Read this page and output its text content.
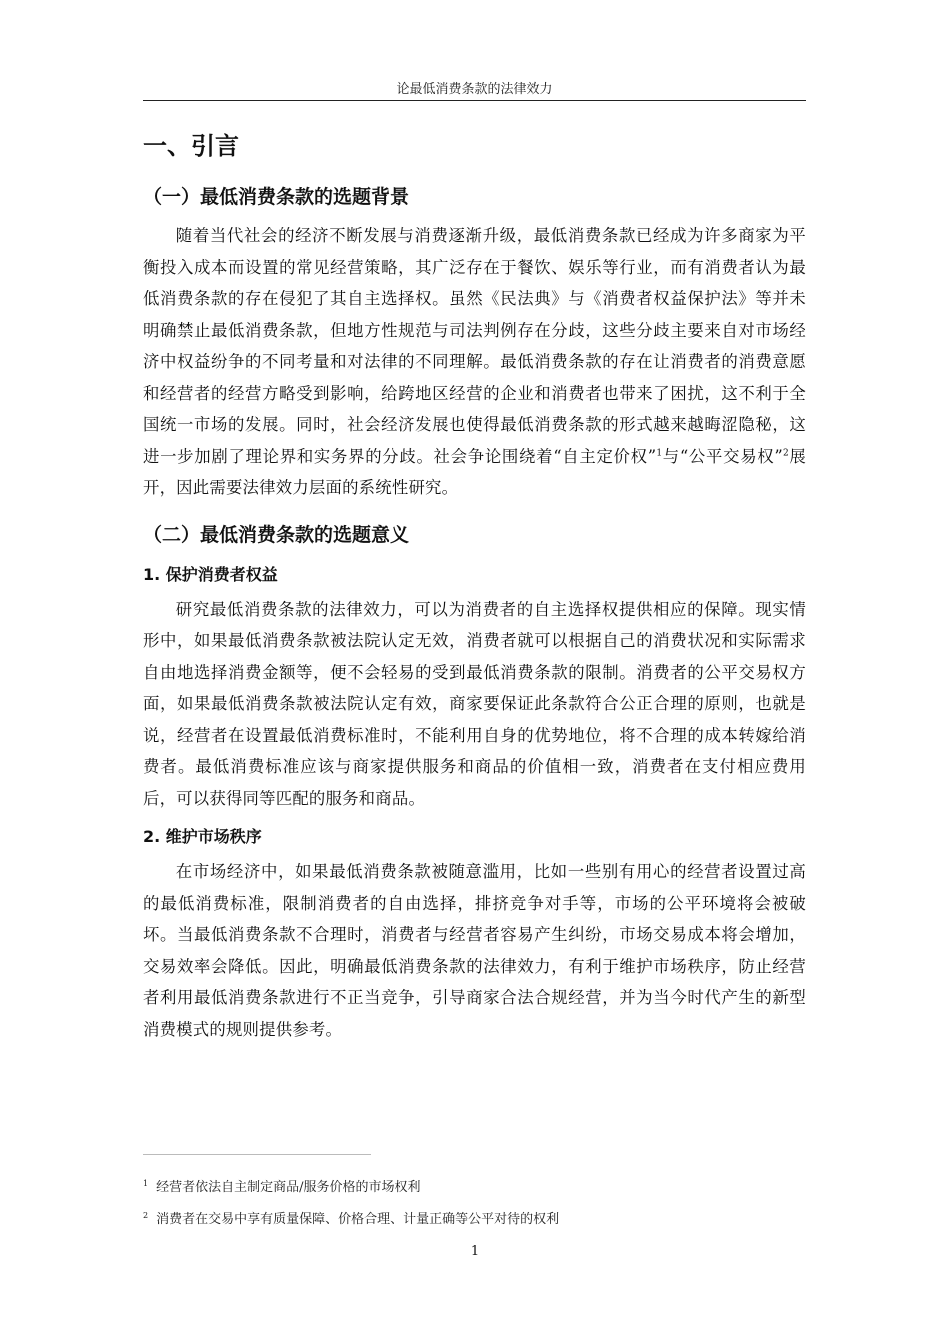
论最低消费条款的法律效力
一、引言
（一）最低消费条款的选题背景

随着当代社会的经济不断发展与消费逐渐升级，最低消费条款已经成为许多商家为平衡投入成本而设置的常见经营策略，其广泛存在于餐饮、娱乐等行业，而有消费者认为最低消费条款的存在侵犯了其自主选择权。虽然《民法典》与《消费者权益保护法》等并未明确禁止最低消费条款，但地方性规范与司法判例存在分歧，这些分歧主要来自对市场经济中权益纷争的不同考量和对法律的不同理解。最低消费条款的存在让消费者的消费意愿和经营者的经营方略受到影响，给跨地区经营的企业和消费者也带来了困扰，这不利于全国统一市场的发展。同时，社会经济发展也使得最低消费条款的形式越来越晦涩隐秘，这进一步加剧了理论界和实务界的分歧。社会争论围绕着“自主定价权”$^1$与“公平交易权”$^2$展开，因此需要法律效力层面的系统性研究。

（二）最低消费条款的选题意义
1. 保护消费者权益

研究最低消费条款的法律效力，可以为消费者的自主选择权提供相应的保障。现实情形中，如果最低消费条款被法院认定无效，消费者就可以根据自己的消费状况和实际需求自由地选择消费金额等，便不会轻易的受到最低消费条款的限制。消费者的公平交易权方面，如果最低消费条款被法院认定有效，商家要保证此条款符合公正合理的原则，也就是说，经营者在设置最低消费标准时，不能利用自身的优势地位，将不合理的成本转嫁给消费者。最低消费标准应该与商家提供服务和商品的价值相一致，消费者在支付相应费用后，可以获得同等匹配的服务和商品。

2. 维护市场秩序

在市场经济中，如果最低消费条款被随意滥用，比如一些别有用心的经营者设置过高的最低消费标准，限制消费者的自由选择，排挤竞争对手等，市场的公平环境将会被破坏。当最低消费条款不合理时，消费者与经营者容易产生纠纷，市场交易成本将会增加，交易效率会降低。因此，明确最低消费条款的法律效力，有利于维护市场秩序，防止经营者利用最低消费条款进行不正当竞争，引导商家合法合规经营，并为当今时代产生的新型消费模式的规则提供参考。

$^1$ 经营者依法自主制定商品/服务价格的市场权利
$^2$ 消费者在交易中享有质量保障、价格合理、计量正确等公平对待的权利
1
